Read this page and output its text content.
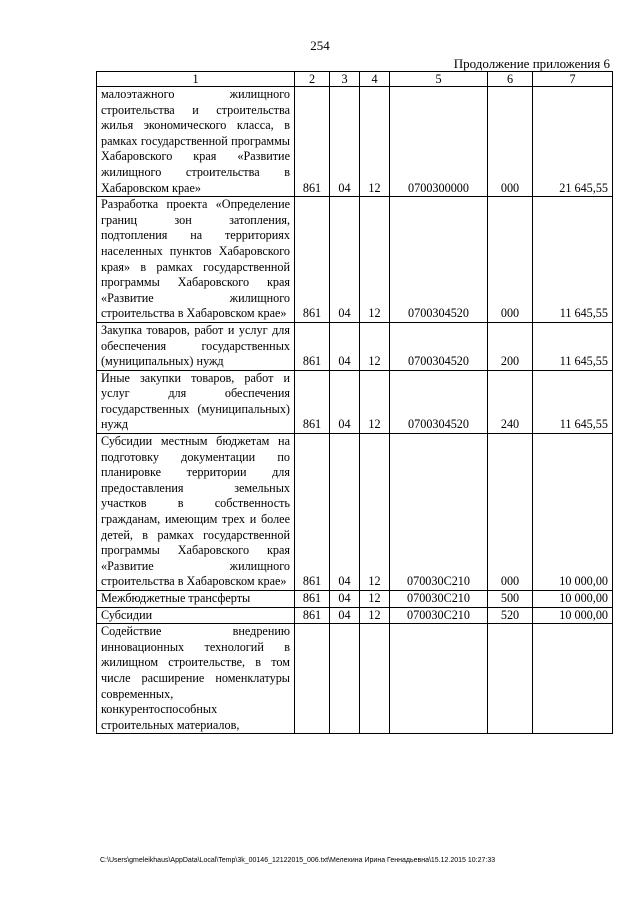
254
Продолжение приложения 6
1	2	3	4	5	6	7
малоэтажного жилищного строительства и строительства жилья экономического класса, в рамках государственной программы Хабаровского края «Развитие жилищного строительства в Хабаровском крае»	861	04	12	0700300000	000	21 645,55
Разработка проекта «Определение границ зон затопления, подтопления на территориях населенных пунктов Хабаровского края» в рамках государственной программы Хабаровского края «Развитие жилищного строительства в Хабаровском крае»	861	04	12	0700304520	000	11 645,55
Закупка товаров, работ и услуг для обеспечения государственных (муниципальных) нужд	861	04	12	0700304520	200	11 645,55
Иные закупки товаров, работ и услуг для обеспечения государственных (муниципальных) нужд	861	04	12	0700304520	240	11 645,55
Субсидии местным бюджетам на подготовку документации по планировке территории для предоставления земельных участков в собственность гражданам, имеющим трех и более детей, в рамках государственной программы Хабаровского края «Развитие жилищного строительства в Хабаровском крае»	861	04	12	070030С210	000	10 000,00
Межбюджетные трансферты	861	04	12	070030С210	500	10 000,00
Субсидии	861	04	12	070030С210	520	10 000,00
Содействие внедрению инновационных технологий в жилищном строительстве, в том числе расширение номенклатуры современных, конкурентоспособных строительных материалов,						
C:\Users\gmeleikhaus\AppData\Local\Temp\3k_00146_12122015_006.txt\Мелехина Ирина Геннадьевна\15.12.2015 10:27:33
